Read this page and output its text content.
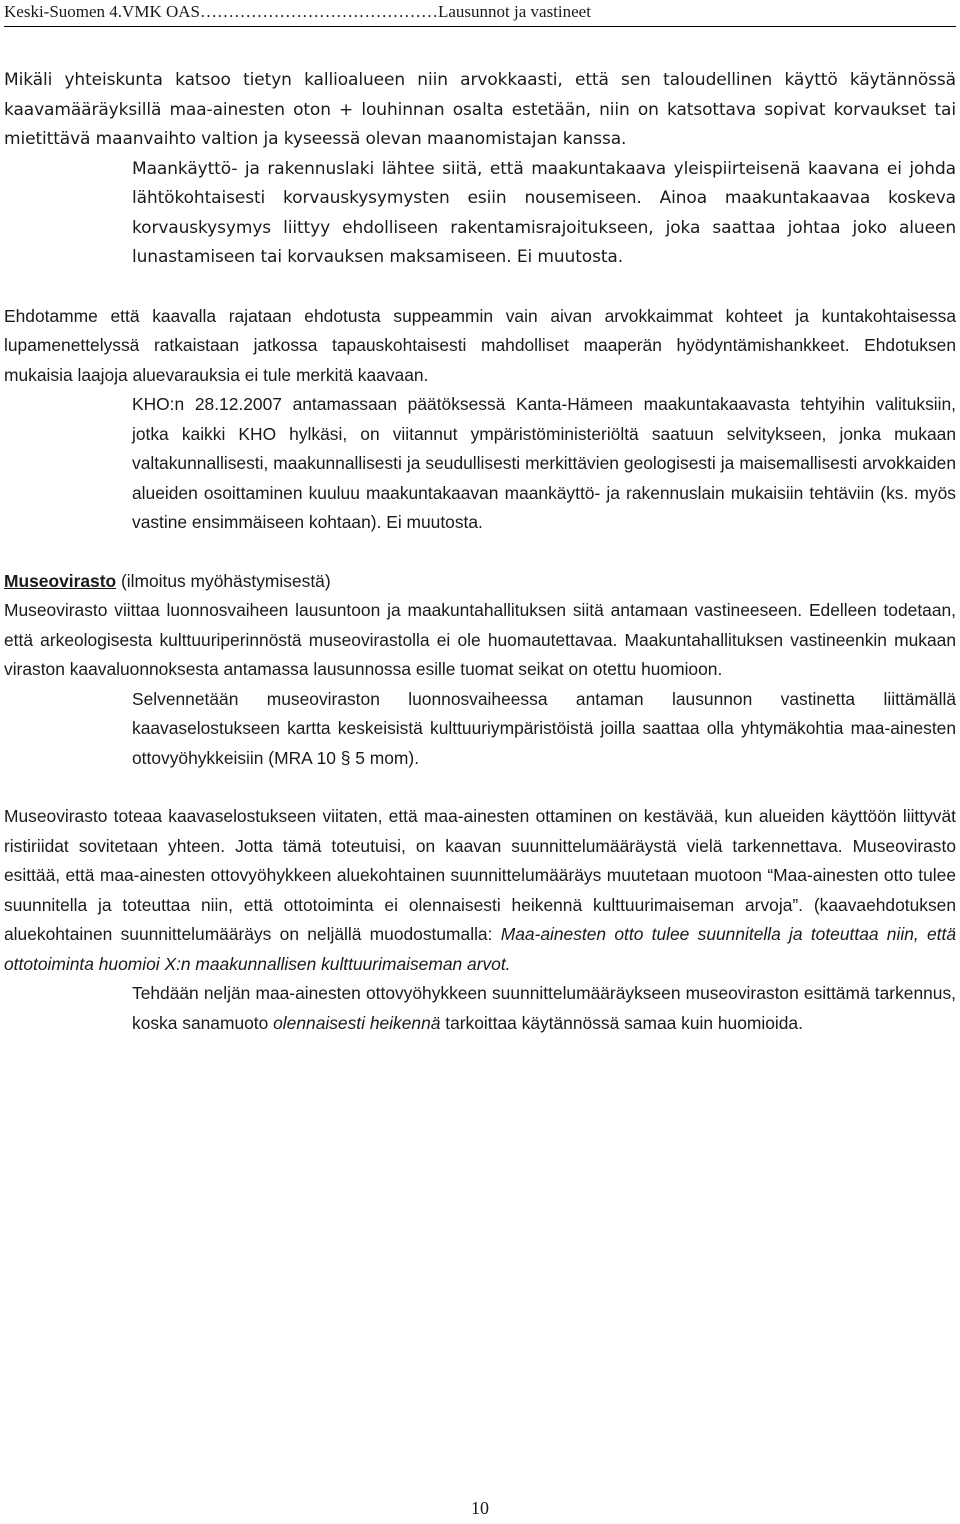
Keski-Suomen 4.VMK OAS……………………………………Lausunnot ja vastineet

Mikäli yhteiskunta katsoo tietyn kallioalueen niin arvokkaasti, että sen taloudellinen käyttö käytännössä kaavamääräyksillä maa-ainesten oton + louhinnan osalta estetään, niin on katsottava sopivat korvaukset tai mietittävä maanvaihto valtion ja kyseessä olevan maanomistajan kanssa.

Maankäyttö- ja rakennuslaki lähtee siitä, että maakuntakaava yleispiirteisenä kaavana ei johda lähtökohtaisesti korvauskysymysten esiin nousemiseen. Ainoa maakuntakaavaa koskeva korvauskysymys liittyy ehdolliseen rakentamisrajoitukseen, joka saattaa johtaa joko alueen lunastamiseen tai korvauksen maksamiseen. Ei muutosta.

Ehdotamme että kaavalla rajataan ehdotusta suppeammin vain aivan arvokkaimmat kohteet ja kuntakohtaisessa lupamenettelyssä ratkaistaan jatkossa tapauskohtaisesti mahdolliset maaperän hyödyntämishankkeet. Ehdotuksen mukaisia laajoja aluevarauksia ei tule merkitä kaavaan.

KHO:n 28.12.2007 antamassaan päätöksessä Kanta-Hämeen maakuntakaavasta tehtyihin valituksiin, jotka kaikki KHO hylkäsi, on viitannut ympäristöministeriöltä saatuun selvitykseen, jonka mukaan valtakunnallisesti, maakunnallisesti ja seudullisesti merkittävien geologisesti ja maisemallisesti arvokkaiden alueiden osoittaminen kuuluu maakuntakaavan maankäyttö- ja rakennuslain mukaisiin tehtäviin (ks. myös vastine ensimmäiseen kohtaan). Ei muutosta.

Museovirasto (ilmoitus myöhästymisestä)

Museovirasto viittaa luonnosvaiheen lausuntoon ja maakuntahallituksen siitä antamaan vastineeseen. Edelleen todetaan, että arkeologisesta kulttuuriperinnöstä museovirastolla ei ole huomautettavaa. Maakuntahallituksen vastineenkin mukaan viraston kaavaluonnoksesta antamassa lausunnossa esille tuomat seikat on otettu huomioon.

Selvennetään museoviraston luonnosvaiheessa antaman lausunnon vastinetta liittämällä kaavaselostukseen kartta keskeisistä kulttuuriympäristöistä joilla saattaa olla yhtymäkohtia maa-ainesten ottovyöhykkeisiin (MRA 10 § 5 mom).

Museovirasto toteaa kaavaselostukseen viitaten, että maa-ainesten ottaminen on kestävää, kun alueiden käyttöön liittyvät ristiriidat sovitetaan yhteen. Jotta tämä toteutuisi, on kaavan suunnittelumääräystä vielä tarkennettava. Museovirasto esittää, että maa-ainesten ottovyöhykkeen aluekohtainen suunnittelumääräys muutetaan muotoon “Maa-ainesten otto tulee suunnitella ja toteuttaa niin, että ottotoiminta ei olennaisesti heikennä kulttuurimaiseman arvoja”. (kaavaehdotuksen aluekohtainen suunnittelumääräys on neljällä muodostumalla: Maa-ainesten otto tulee suunnitella ja toteuttaa niin, että ottotoiminta huomioi X:n maakunnallisen kulttuurimaiseman arvot.

Tehdään neljän maa-ainesten ottovyöhykkeen suunnittelumääräykseen museoviraston esittämä tarkennus, koska sanamuoto olennaisesti heikennä tarkoittaa käytännössä samaa kuin huomioida.

10
